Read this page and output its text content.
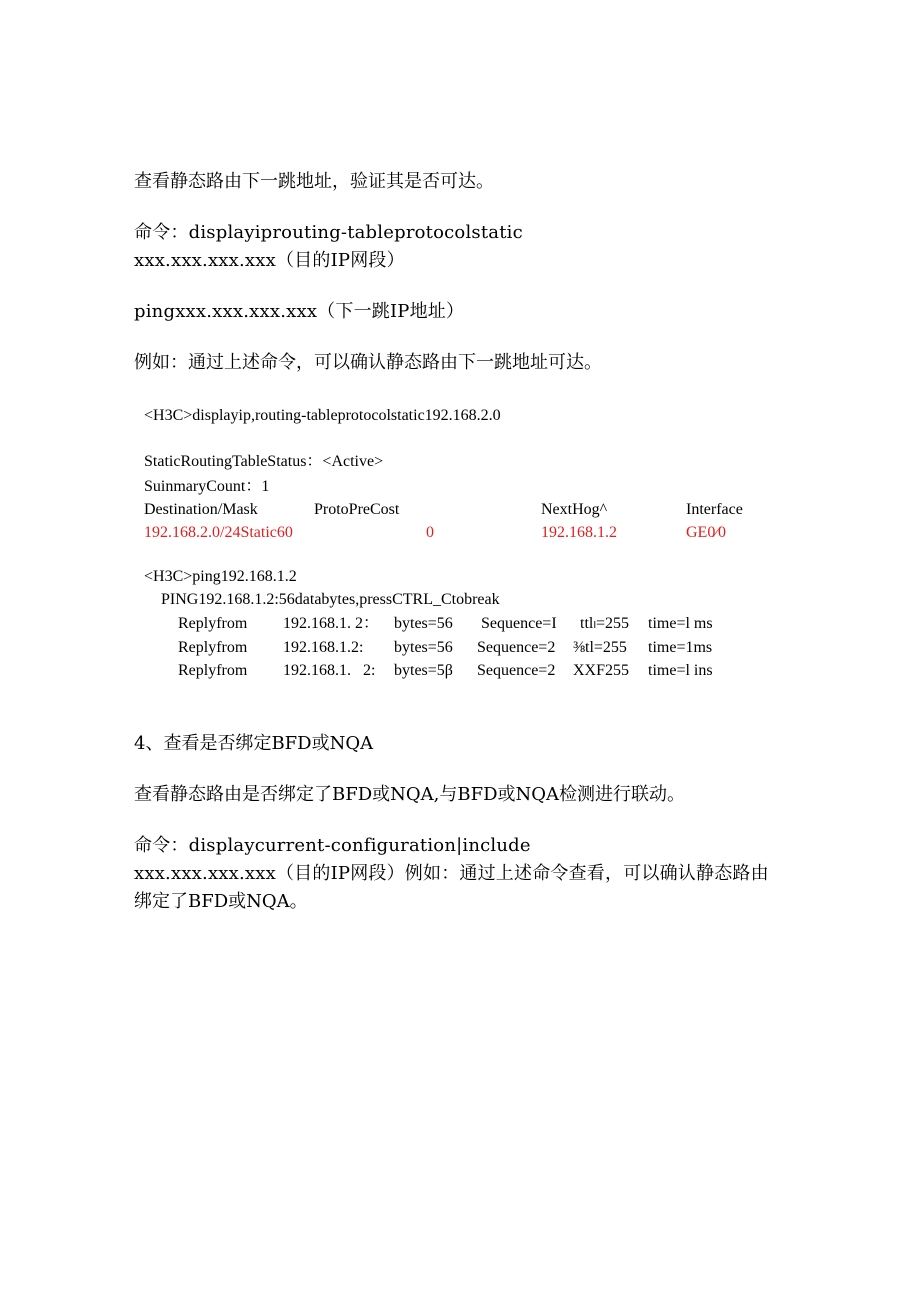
查看静态路由下一跳地址，验证其是否可达。
命令：displayiprouting-tableprotocolstatic
xxx.xxx.xxx.xxx（目的IP网段）
pingxxx.xxx.xxx.xxx（下一跳IP地址）
例如：通过上述命令，可以确认静态路由下一跳地址可达。
<H3C>displayip,routing-tableprotocolstatic192.168.2.0
StaticRoutingTableStatus：<Active>
SuinmaryCount：1
Destination/Mask	ProtoPreCost	NextHog^	Interface
192.168.2.0/24Static60	0	192.168.1.2	GE0⁄0
<H3C>ping192.168.1.2
PING192.168.1.2:56databytes,pressCTRL_Ctobreak
Replyfrom 192.168.1. 2： bytes=56 Sequence=I ttlₗ=255 time=l ms
Replyfrom 192.168.1.2: bytes=56 Sequence=2 ⅜tl=255 time=1ms
Replyfrom 192.168.1.   2: bytes=5β Sequence=2 XXF255 time=l ins
4、查看是否绑定BFD或NQA
查看静态路由是否绑定了BFD或NQA,与BFD或NQA检测进行联动。
命令：displaycurrent-configuration|include
xxx.xxx.xxx.xxx（目的IP网段）例如：通过上述命令查看，可以确认静态路由
绑定了BFD或NQA。
